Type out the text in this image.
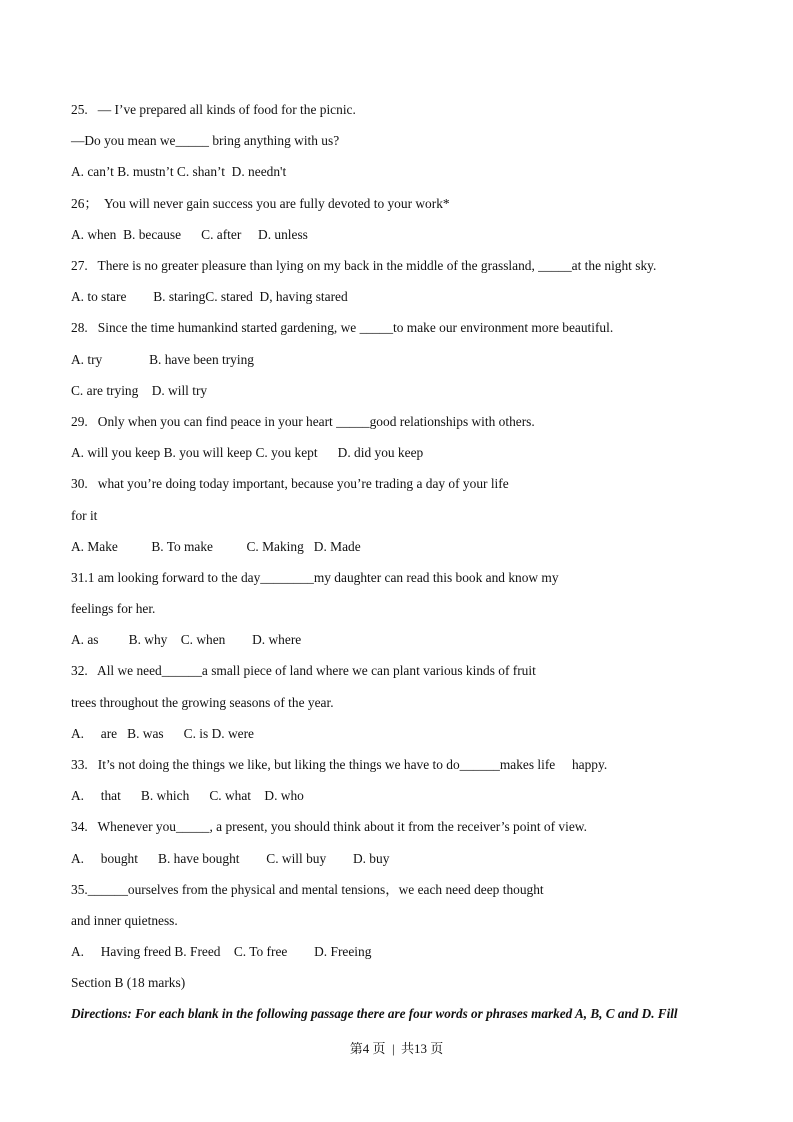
25.   — I’ve prepared all kinds of food for the picnic.
—Do you mean we_____ bring anything with us?
A. can’t B. mustn’t C. shan’t  D. needn't
26；  You will never gain success you are fully devoted to your work*
A. when  B. because      C. after     D. unless
27.   There is no greater pleasure than lying on my back in the middle of the grassland, _____at the night sky.
A. to stare        B. staringC. stared  D, having stared
28.   Since the time humankind started gardening, we _____to make our environment more beautiful.
A. try              B. have been trying
C. are trying    D. will try
29.   Only when you can find peace in your heart _____good relationships with others.
A. will you keep B. you will keep C. you kept      D. did you keep
30.   what you’re doing today important, because you’re trading a day of your life
for it
A. Make          B. To make          C. Making   D. Made
31.1 am looking forward to the day________my daughter can read this book and know my
feelings for her.
A. as         B. why    C. when        D. where
32.   All we need______a small piece of land where we can plant various kinds of fruit
trees throughout the growing seasons of the year.
A.     are   B. was      C. is D. were
33.   It’s not doing the things we like, but liking the things we have to do______makes life     happy.
A.     that      B. which      C. what    D. who
34.   Whenever you_____, a present, you should think about it from the receiver’s point of view.
A.     bought      B. have bought        C. will buy        D. buy
35.______ourselves from the physical and mental tensions，we each need deep thought
and inner quietness.
A.     Having freed B. Freed    C. To free        D. Freeing
Section B (18 marks)
Directions: For each blank in the following passage there are four words or phrases marked A, B, C and D. Fill
第4 页  |  共13 页
